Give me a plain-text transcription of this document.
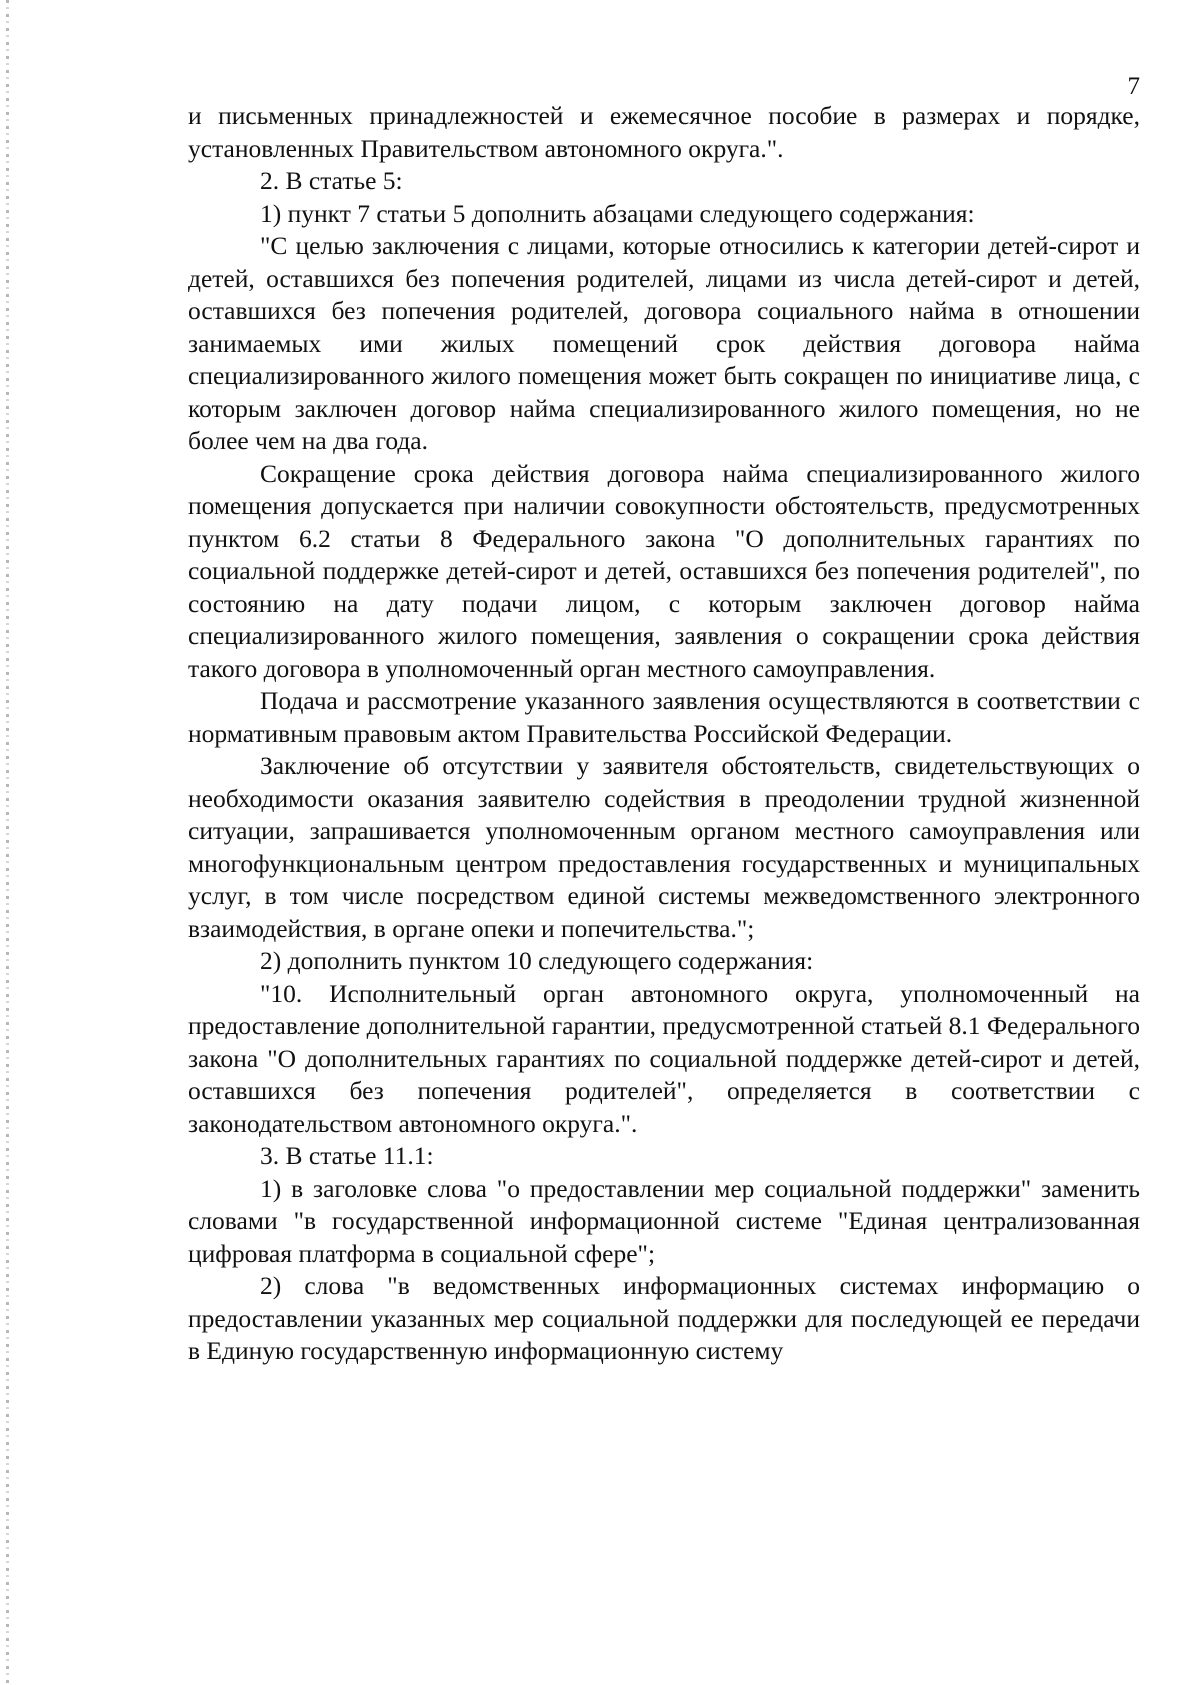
7

и письменных принадлежностей и ежемесячное пособие в размерах и порядке, установленных Правительством автономного округа.".

2. В статье 5:

1) пункт 7 статьи 5 дополнить абзацами следующего содержания:

"С целью заключения с лицами, которые относились к категории детей-сирот и детей, оставшихся без попечения родителей, лицами из числа детей-сирот и детей, оставшихся без попечения родителей, договора социального найма в отношении занимаемых ими жилых помещений срок действия договора найма специализированного жилого помещения может быть сокращен по инициативе лица, с которым заключен договор найма специализированного жилого помещения, но не более чем на два года.

Сокращение срока действия договора найма специализированного жилого помещения допускается при наличии совокупности обстоятельств, предусмотренных пунктом 6.2 статьи 8 Федерального закона "О дополнительных гарантиях по социальной поддержке детей-сирот и детей, оставшихся без попечения родителей", по состоянию на дату подачи лицом, с которым заключен договор найма специализированного жилого помещения, заявления о сокращении срока действия такого договора в уполномоченный орган местного самоуправления.

Подача и рассмотрение указанного заявления осуществляются в соответствии с нормативным правовым актом Правительства Российской Федерации.

Заключение об отсутствии у заявителя обстоятельств, свидетельствующих о необходимости оказания заявителю содействия в преодолении трудной жизненной ситуации, запрашивается уполномоченным органом местного самоуправления или многофункциональным центром предоставления государственных и муниципальных услуг, в том числе посредством единой системы межведомственного электронного взаимодействия, в органе опеки и попечительства.";

2) дополнить пунктом 10 следующего содержания:

"10. Исполнительный орган автономного округа, уполномоченный на предоставление дополнительной гарантии, предусмотренной статьей 8.1 Федерального закона "О дополнительных гарантиях по социальной поддержке детей-сирот и детей, оставшихся без попечения родителей", определяется в соответствии с законодательством автономного округа.".

3. В статье 11.1:

1) в заголовке слова "о предоставлении мер социальной поддержки" заменить словами "в государственной информационной системе "Единая централизованная цифровая платформа в социальной сфере";

2) слова "в ведомственных информационных системах информацию о предоставлении указанных мер социальной поддержки для последующей ее передачи в Единую государственную информационную систему
